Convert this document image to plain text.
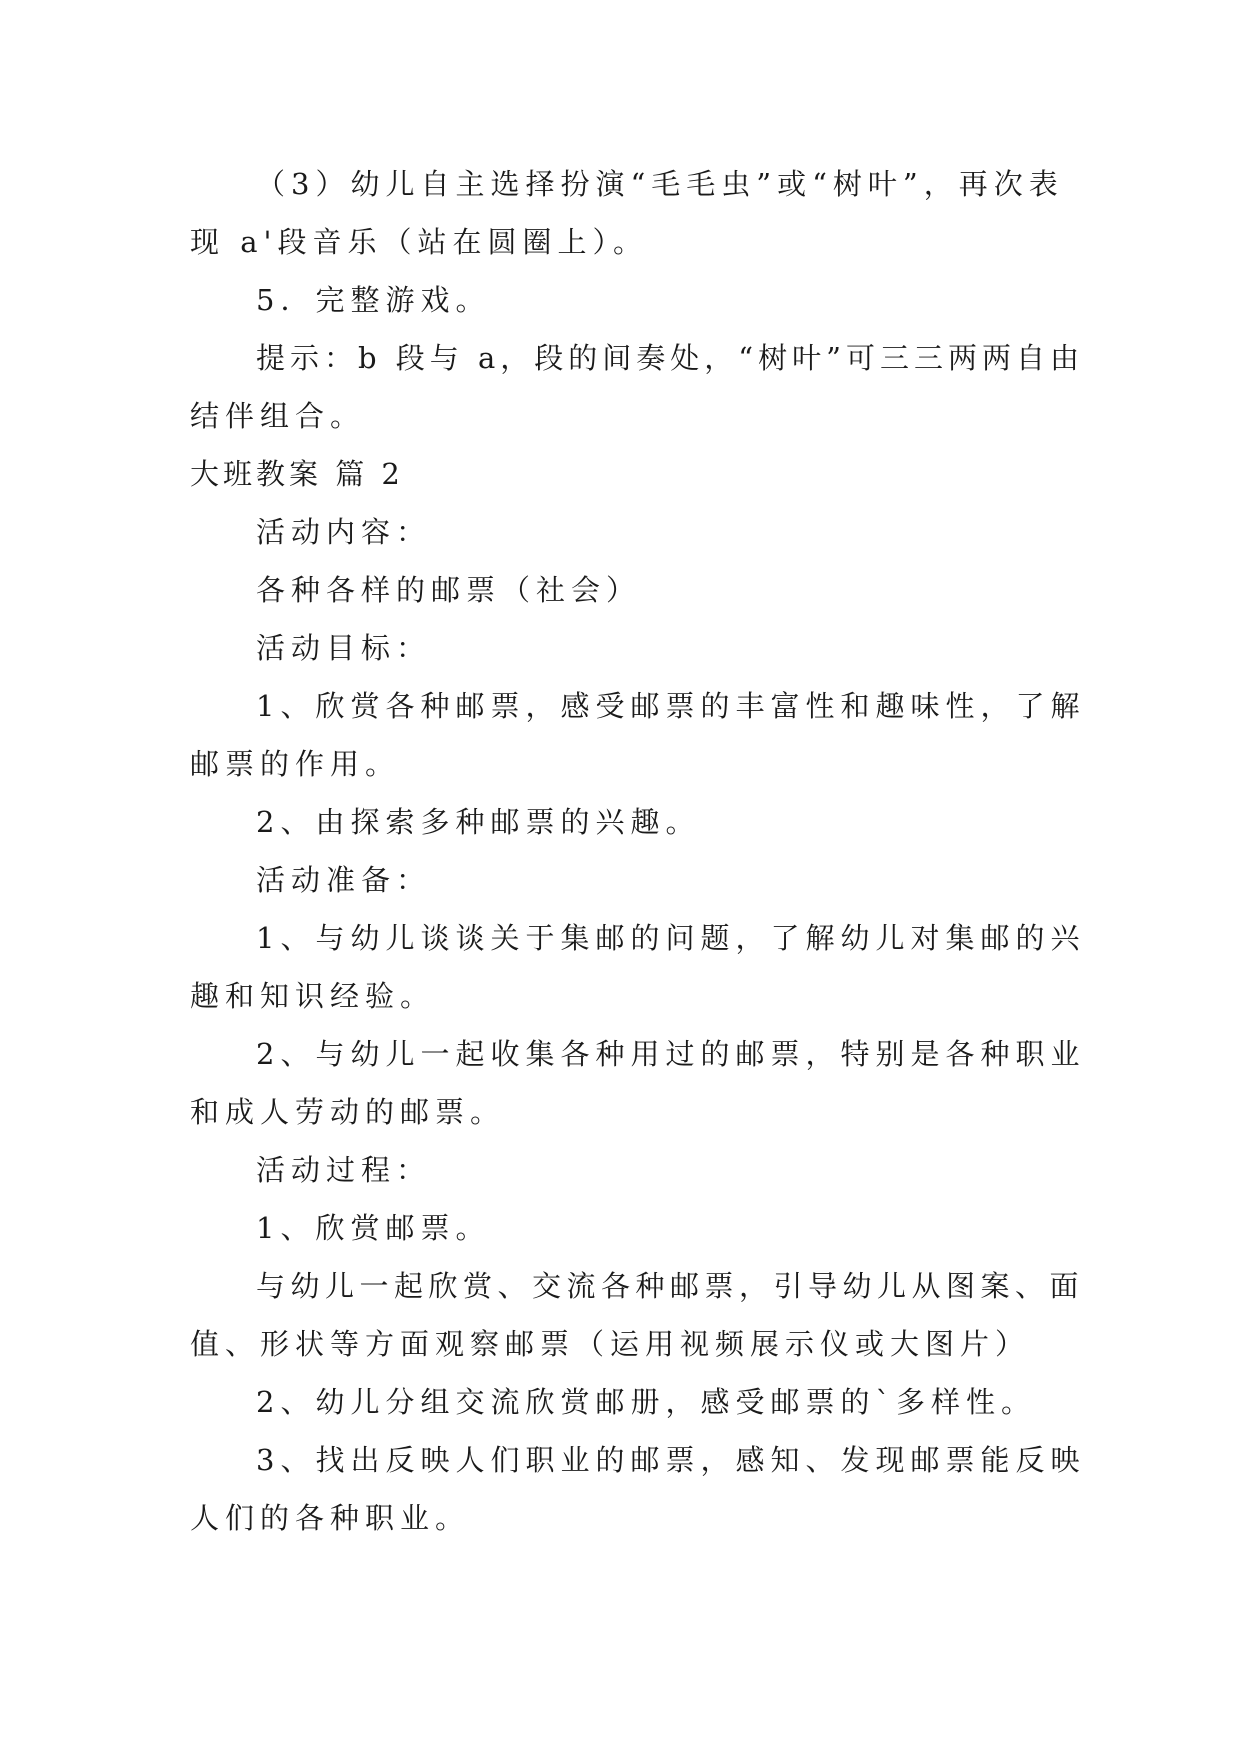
（3）幼儿自主选择扮演“毛毛虫”或“树叶”，再次表
现 a'段音乐（站在圆圈上）。
5．完整游戏。
提示：b 段与 a，段的间奏处，“树叶”可三三两两自由
结伴组合。
大班教案 篇 2
活动内容：
各种各样的邮票（社会）
活动目标：
1、欣赏各种邮票，感受邮票的丰富性和趣味性，了解
邮票的作用。
2、由探索多种邮票的兴趣。
活动准备：
1、与幼儿谈谈关于集邮的问题，了解幼儿对集邮的兴
趣和知识经验。
2、与幼儿一起收集各种用过的邮票，特别是各种职业
和成人劳动的邮票。
活动过程：
1、欣赏邮票。
与幼儿一起欣赏、交流各种邮票，引导幼儿从图案、面
值、形状等方面观察邮票（运用视频展示仪或大图片）
2、幼儿分组交流欣赏邮册，感受邮票的`多样性。
3、找出反映人们职业的邮票，感知、发现邮票能反映
人们的各种职业。
